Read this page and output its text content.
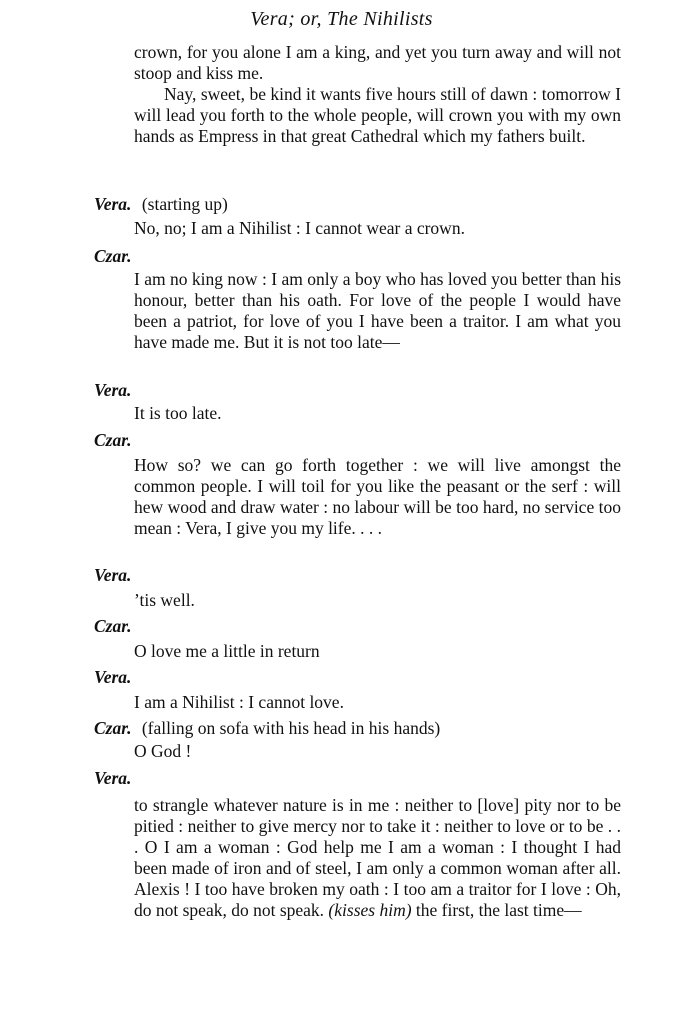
Vera; or, The Nihilists
crown, for you alone I am a king, and yet you turn away and will not stoop and kiss me.
Nay, sweet, be kind it wants five hours still of dawn : tomorrow I will lead you forth to the whole people, will crown you with my own hands as Empress in that great Cathedral which my fathers built.
Vera. (starting up)
No, no; I am a Nihilist : I cannot wear a crown.
Czar.
I am no king now : I am only a boy who has loved you better than his honour, better than his oath. For love of the people I would have been a patriot, for love of you I have been a traitor. I am what you have made me. But it is not too late—
Vera.
It is too late.
Czar.
How so? we can go forth together : we will live amongst the common people. I will toil for you like the peasant or the serf : will hew wood and draw water : no labour will be too hard, no service too mean : Vera, I give you my life. . . .
Vera.
’tis well.
Czar.
O love me a little in return
Vera.
I am a Nihilist : I cannot love.
Czar. (falling on sofa with his head in his hands)
O God !
Vera.
to strangle whatever nature is in me : neither to [love] pity nor to be pitied : neither to give mercy nor to take it : neither to love or to be . . . O I am a woman : God help me I am a woman : I thought I had been made of iron and of steel, I am only a common woman after all. Alexis ! I too have broken my oath : I too am a traitor for I love : Oh, do not speak, do not speak. (kisses him) the first, the last time—
